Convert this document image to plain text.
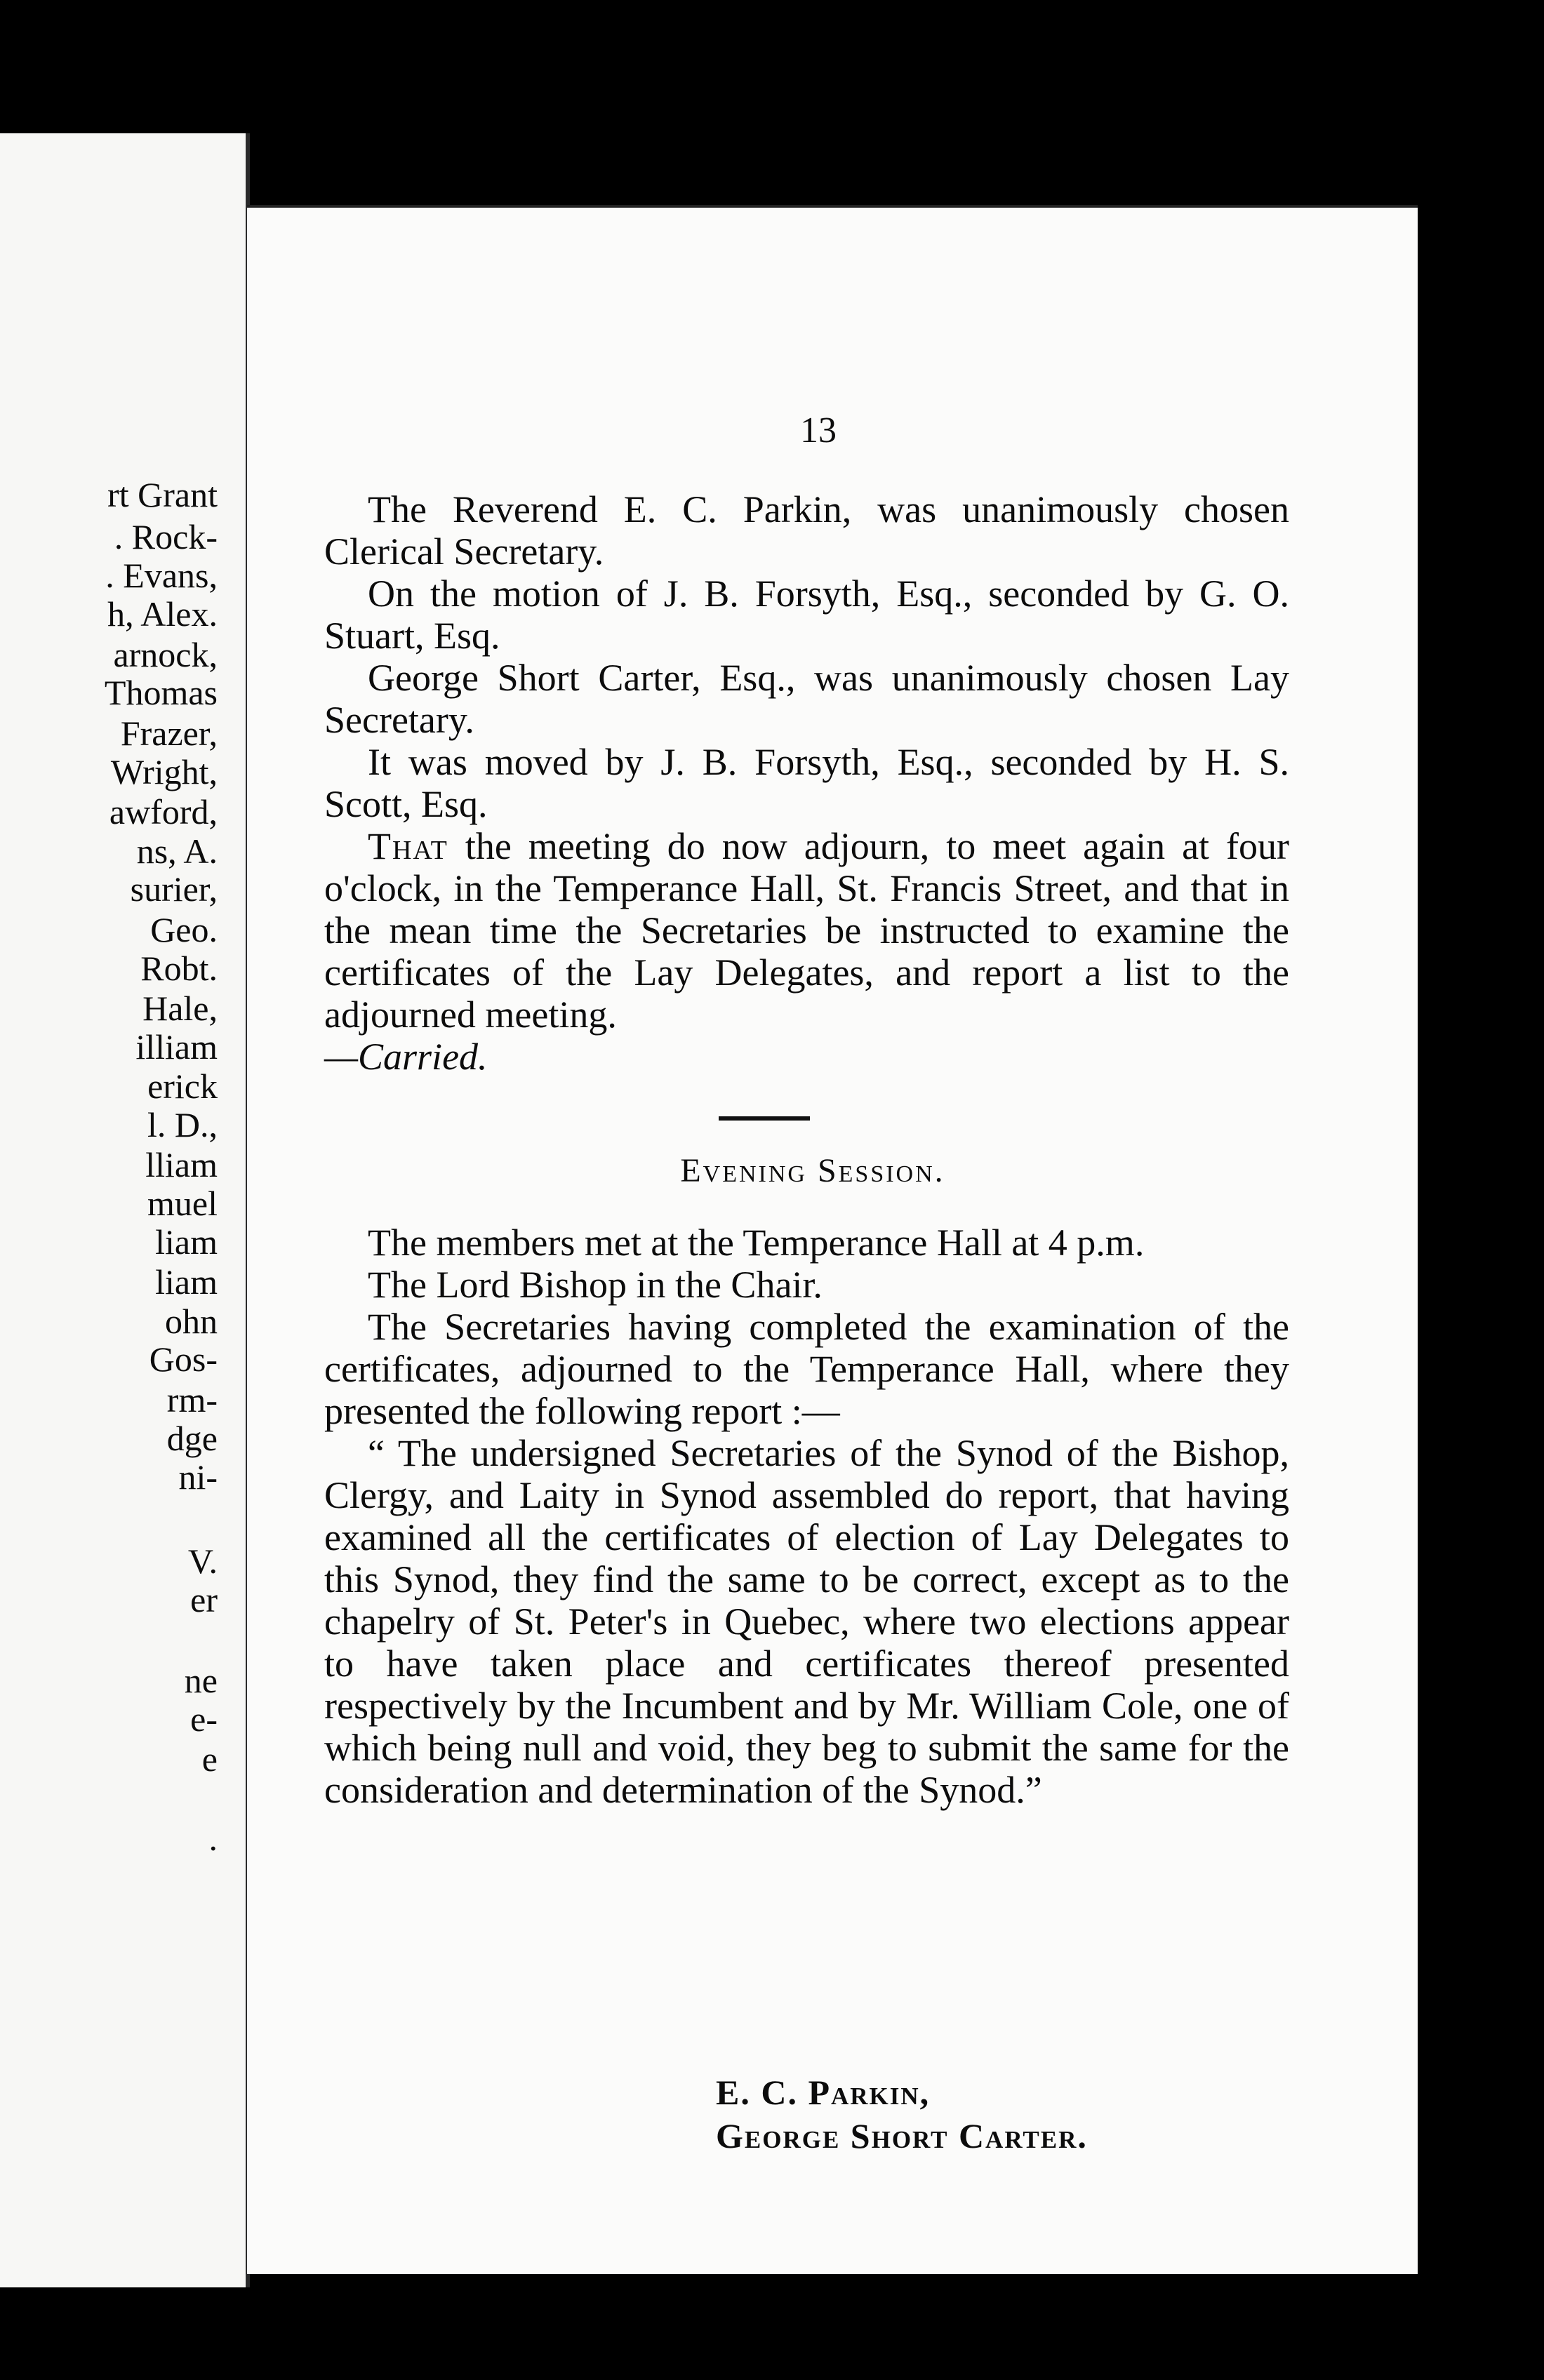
rt Grant
. Rock-
. Evans,
h, Alex.
arnock,
Thomas
Frazer,
Wright,
awford,
ns, A.
surier,
Geo.
Robt.
Hale,
illiam
erick
l. D.,
lliam
muel
liam
liam
ohn
Gos-
rm-
dge
ni-
V.
er
ne
e-
e
.
13

The Reverend E. C. Parkin, was unanimously chosen Clerical Secretary.

On the motion of J. B. Forsyth, Esq., seconded by G. O. Stuart, Esq.

George Short Carter, Esq., was unanimously chosen Lay Secretary.

It was moved by J. B. Forsyth, Esq., seconded by H. S. Scott, Esq.

That the meeting do now adjourn, to meet again at four o'clock, in the Temperance Hall, St. Francis Street, and that in the mean time the Secretaries be instructed to examine the certificates of the Lay Delegates, and report a list to the adjourned meeting.

—Carried.

Evening Session.

The members met at the Temperance Hall at 4 p.m.

The Lord Bishop in the Chair.

The Secretaries having completed the examination of the certificates, adjourned to the Temperance Hall, where they presented the following report :—

“ The undersigned Secretaries of the Synod of the Bishop, Clergy, and Laity in Synod assembled do report, that having examined all the certificates of election of Lay Delegates to this Synod, they find the same to be correct, except as to the chapelry of St. Peter's in Quebec, where two elections appear to have taken place and certificates thereof presented respectively by the Incumbent and by Mr. William Cole, one of which being null and void, they beg to submit the same for the consideration and determination of the Synod.”

E. C. Parkin,
George Short Carter.
